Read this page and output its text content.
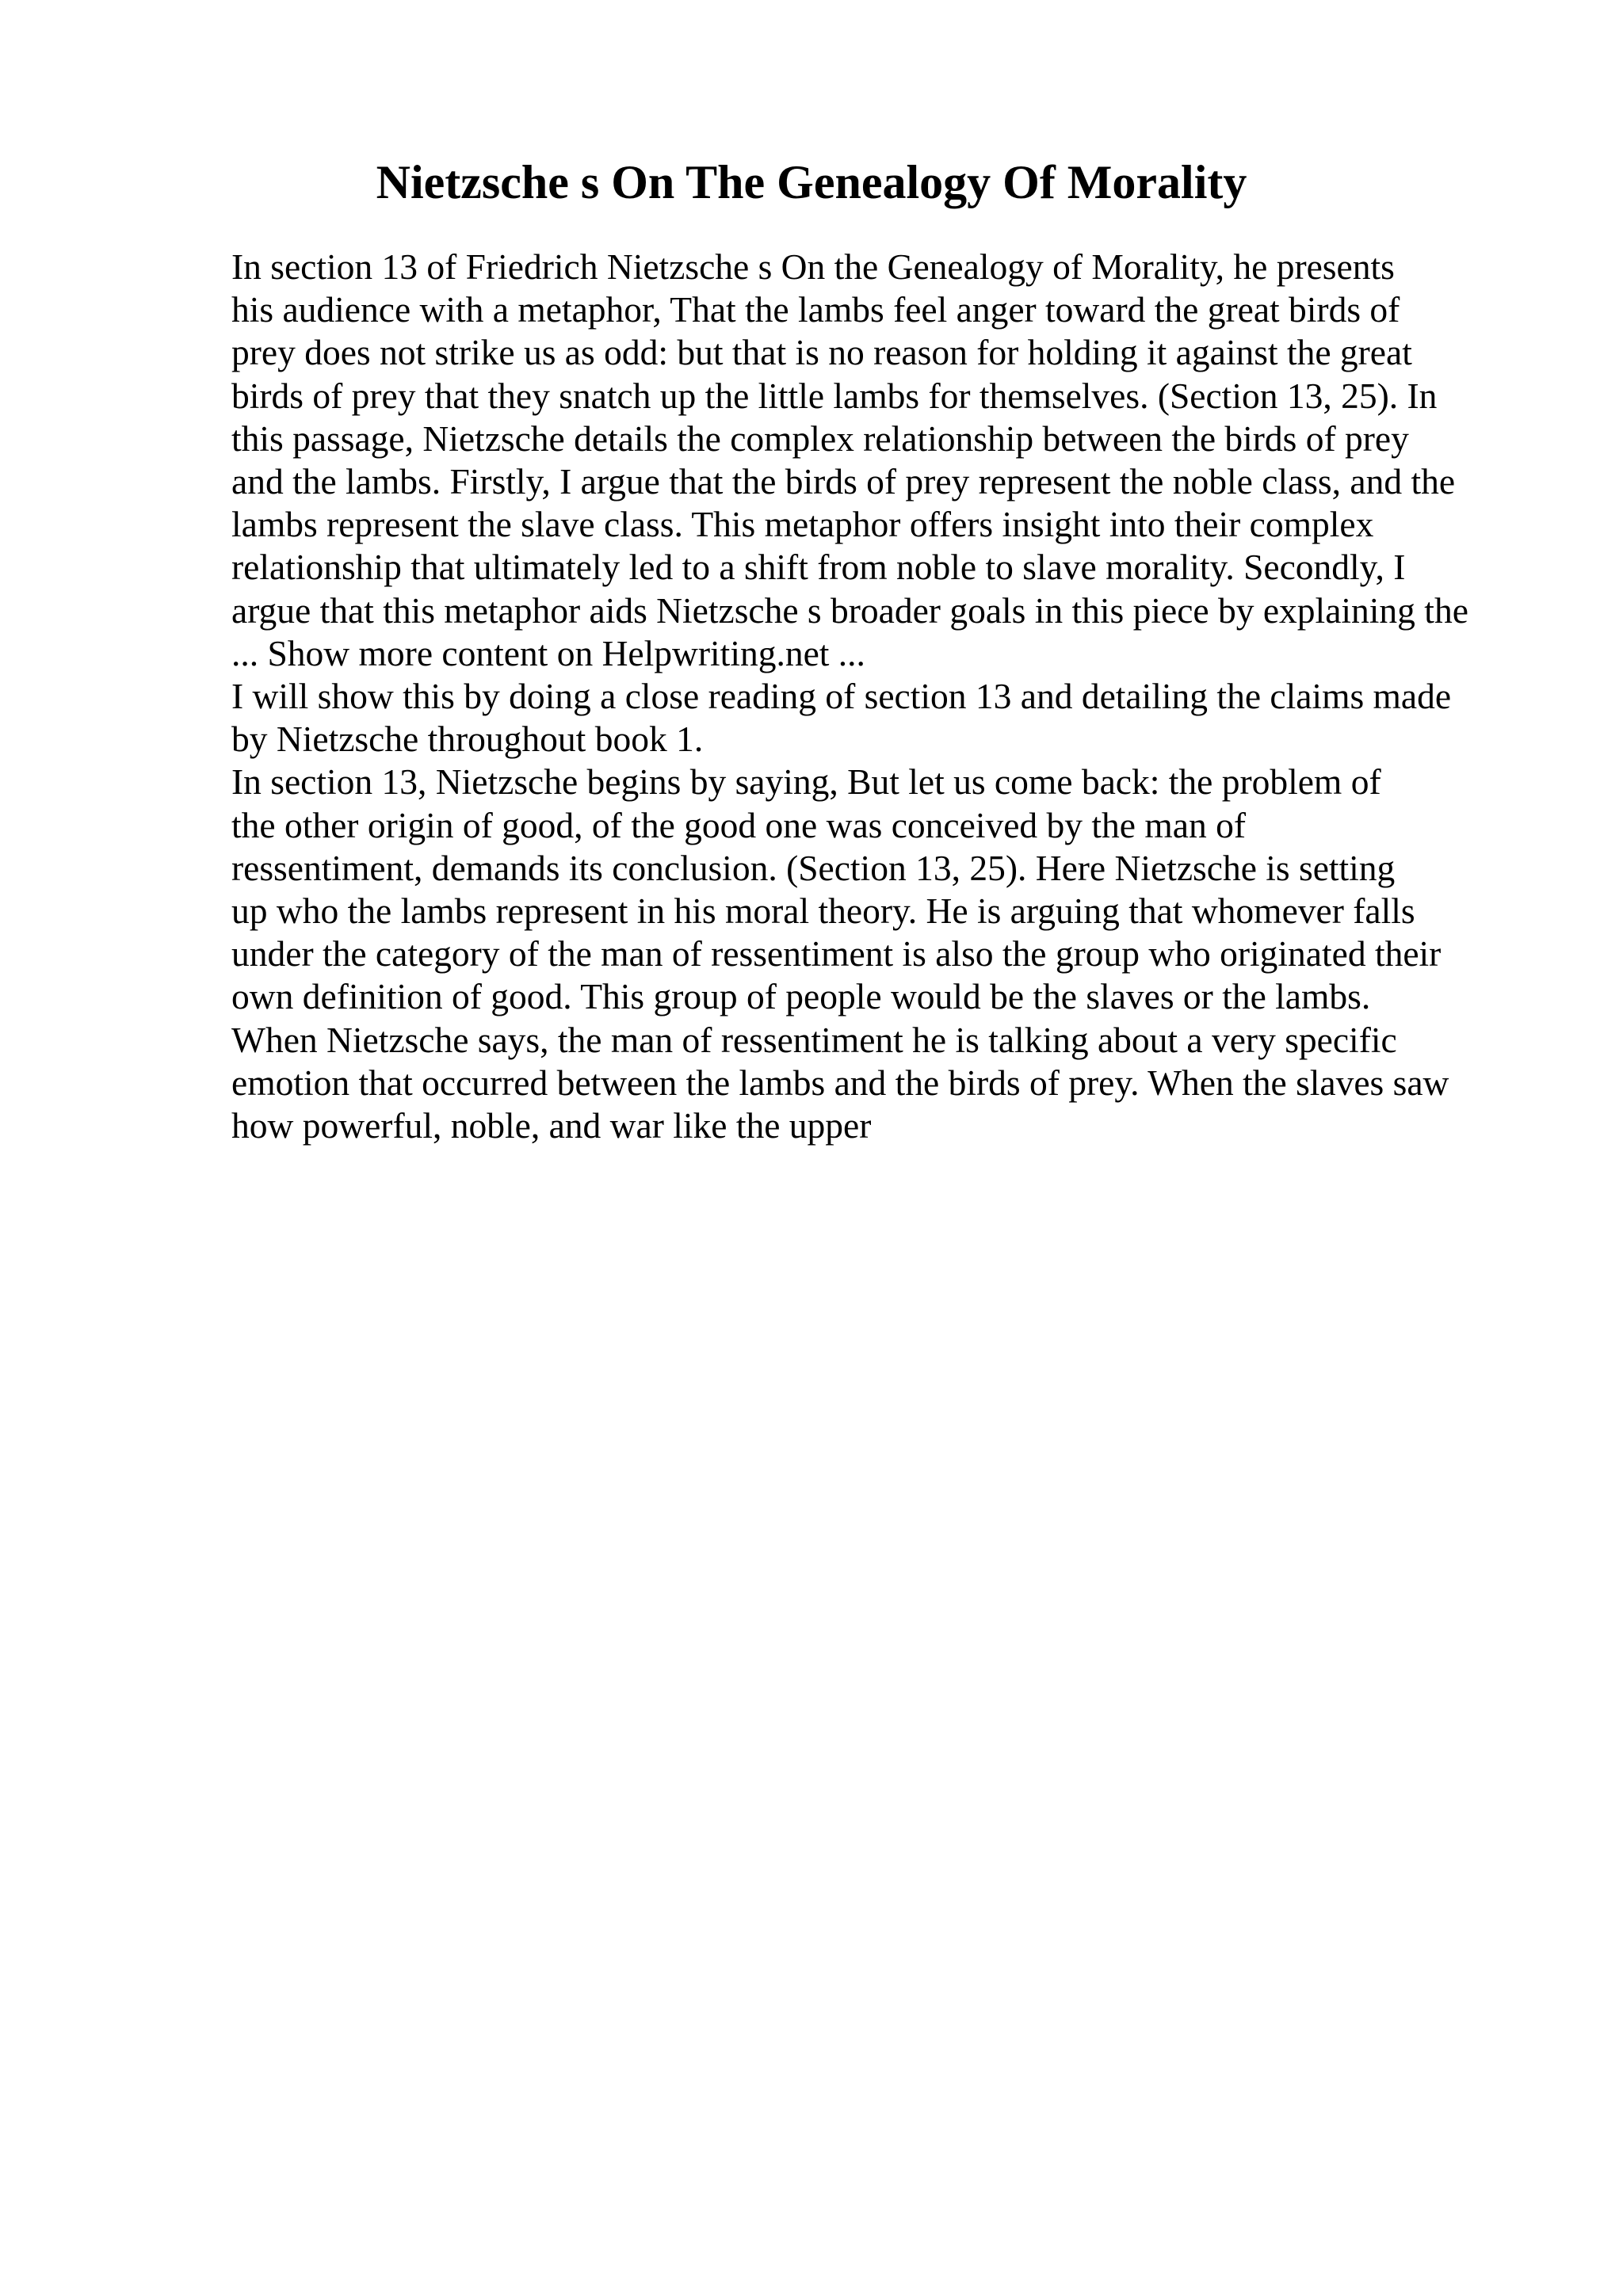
Nietzsche s On The Genealogy Of Morality
In section 13 of Friedrich Nietzsche s On the Genealogy of Morality, he presents
his audience with a metaphor, That the lambs feel anger toward the great birds of
prey does not strike us as odd: but that is no reason for holding it against the great
birds of prey that they snatch up the little lambs for themselves. (Section 13, 25). In
this passage, Nietzsche details the complex relationship between the birds of prey
and the lambs. Firstly, I argue that the birds of prey represent the noble class, and the
lambs represent the slave class. This metaphor offers insight into their complex
relationship that ultimately led to a shift from noble to slave morality. Secondly, I
argue that this metaphor aids Nietzsche s broader goals in this piece by explaining the
... Show more content on Helpwriting.net ...
I will show this by doing a close reading of section 13 and detailing the claims made
by Nietzsche throughout book 1.
In section 13, Nietzsche begins by saying, But let us come back: the problem of
the other origin of good, of the good one was conceived by the man of
ressentiment, demands its conclusion. (Section 13, 25). Here Nietzsche is setting
up who the lambs represent in his moral theory. He is arguing that whomever falls
under the category of the man of ressentiment is also the group who originated their
own definition of good. This group of people would be the slaves or the lambs.
When Nietzsche says, the man of ressentiment he is talking about a very specific
emotion that occurred between the lambs and the birds of prey. When the slaves saw
how powerful, noble, and war like the upper
